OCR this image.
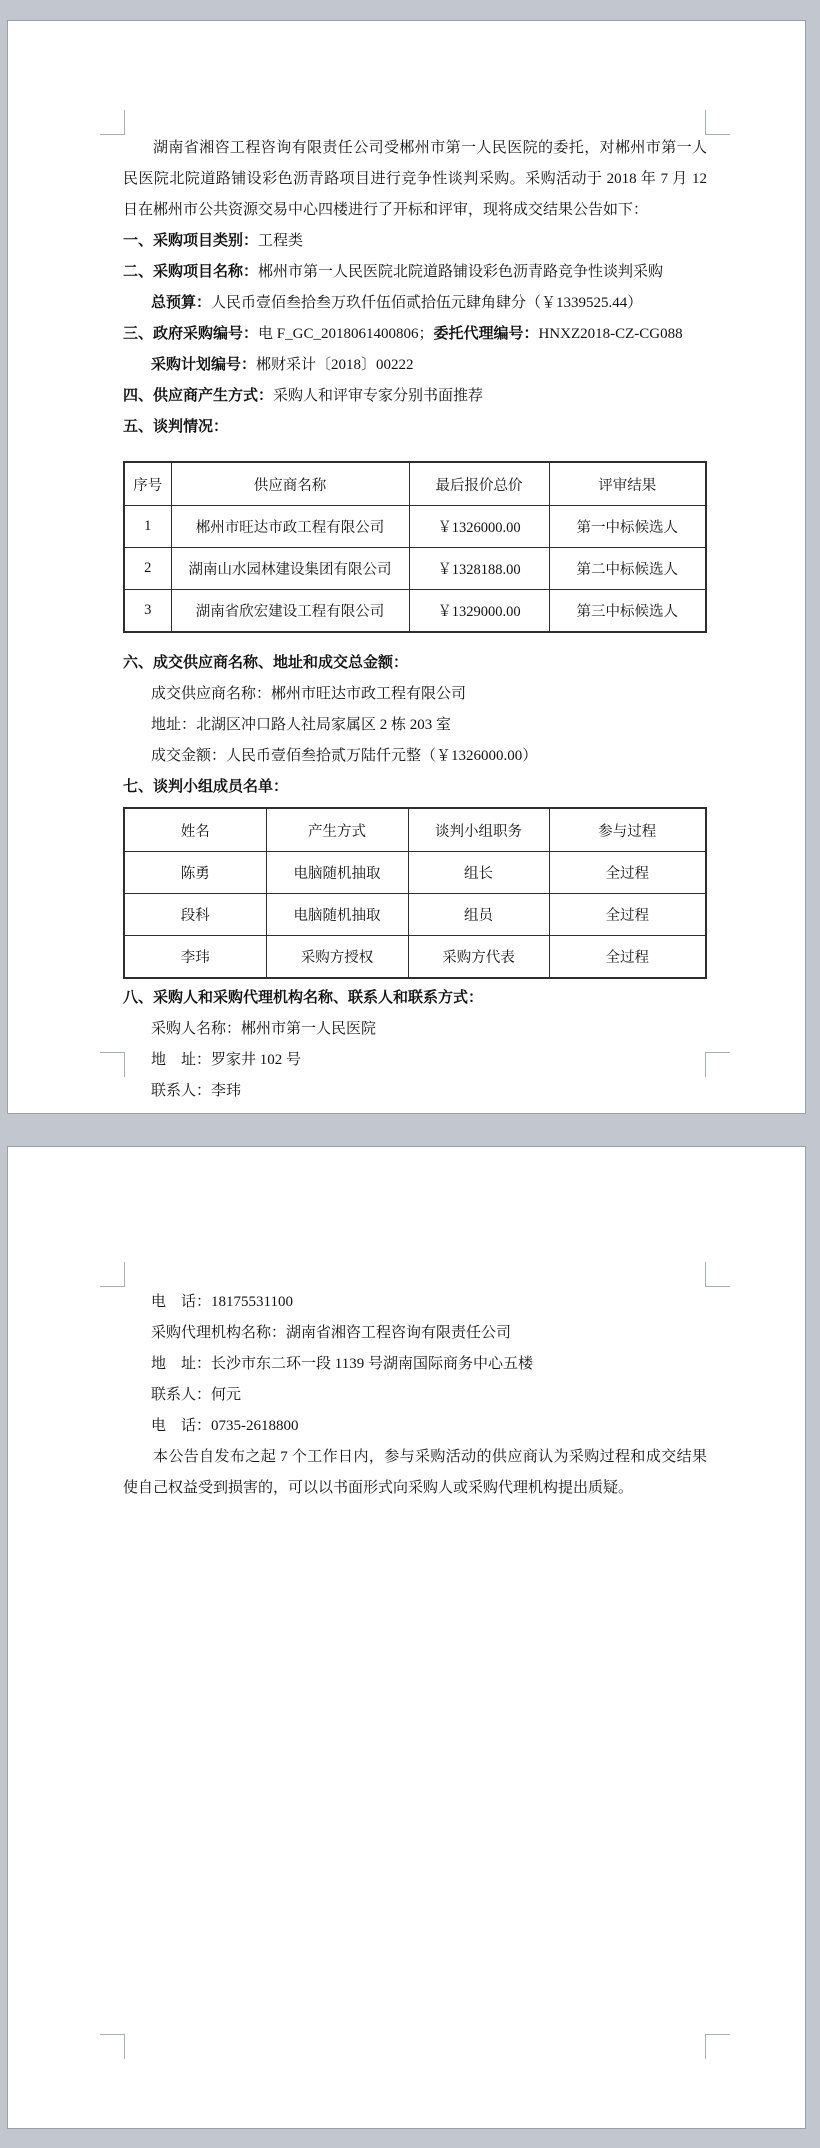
湖南省湘咨工程咨询有限责任公司受郴州市第一人民医院的委托，对郴州市第一人民医院北院道路铺设彩色沥青路项目进行竞争性谈判采购。采购活动于 2018 年 7 月 12 日在郴州市公共资源交易中心四楼进行了开标和评审，现将成交结果公告如下：
一、采购项目类别：工程类
二、采购项目名称：郴州市第一人民医院北院道路铺设彩色沥青路竞争性谈判采购
总预算：人民币壹佰叁拾叁万玖仟伍佰贰拾伍元肆角肆分（￥1339525.44）
三、政府采购编号：电 F_GC_2018061400806；委托代理编号：HNXZ2018-CZ-CG088
采购计划编号：郴财采计〔2018〕00222
四、供应商产生方式：采购人和评审专家分别书面推荐
五、谈判情况：
序号	供应商名称	最后报价总价	评审结果
1	郴州市旺达市政工程有限公司	￥1326000.00	第一中标候选人
2	湖南山水园林建设集团有限公司	￥1328188.00	第二中标候选人
3	湖南省欣宏建设工程有限公司	￥1329000.00	第三中标候选人
六、成交供应商名称、地址和成交总金额：
成交供应商名称：郴州市旺达市政工程有限公司
地址：北湖区冲口路人社局家属区 2 栋 203 室
成交金额：人民币壹佰叁拾贰万陆仟元整（￥1326000.00）
七、谈判小组成员名单：
姓名	产生方式	谈判小组职务	参与过程
陈勇	电脑随机抽取	组长	全过程
段科	电脑随机抽取	组员	全过程
李玮	采购方授权	采购方代表	全过程
八、采购人和采购代理机构名称、联系人和联系方式：
采购人名称：郴州市第一人民医院
地　址：罗家井 102 号
联系人：李玮
电　话：18175531100
采购代理机构名称：湖南省湘咨工程咨询有限责任公司
地　址：长沙市东二环一段 1139 号湖南国际商务中心五楼
联系人：何元
电　话：0735-2618800
本公告自发布之起 7 个工作日内，参与采购活动的供应商认为采购过程和成交结果使自己权益受到损害的，可以以书面形式向采购人或采购代理机构提出质疑。
